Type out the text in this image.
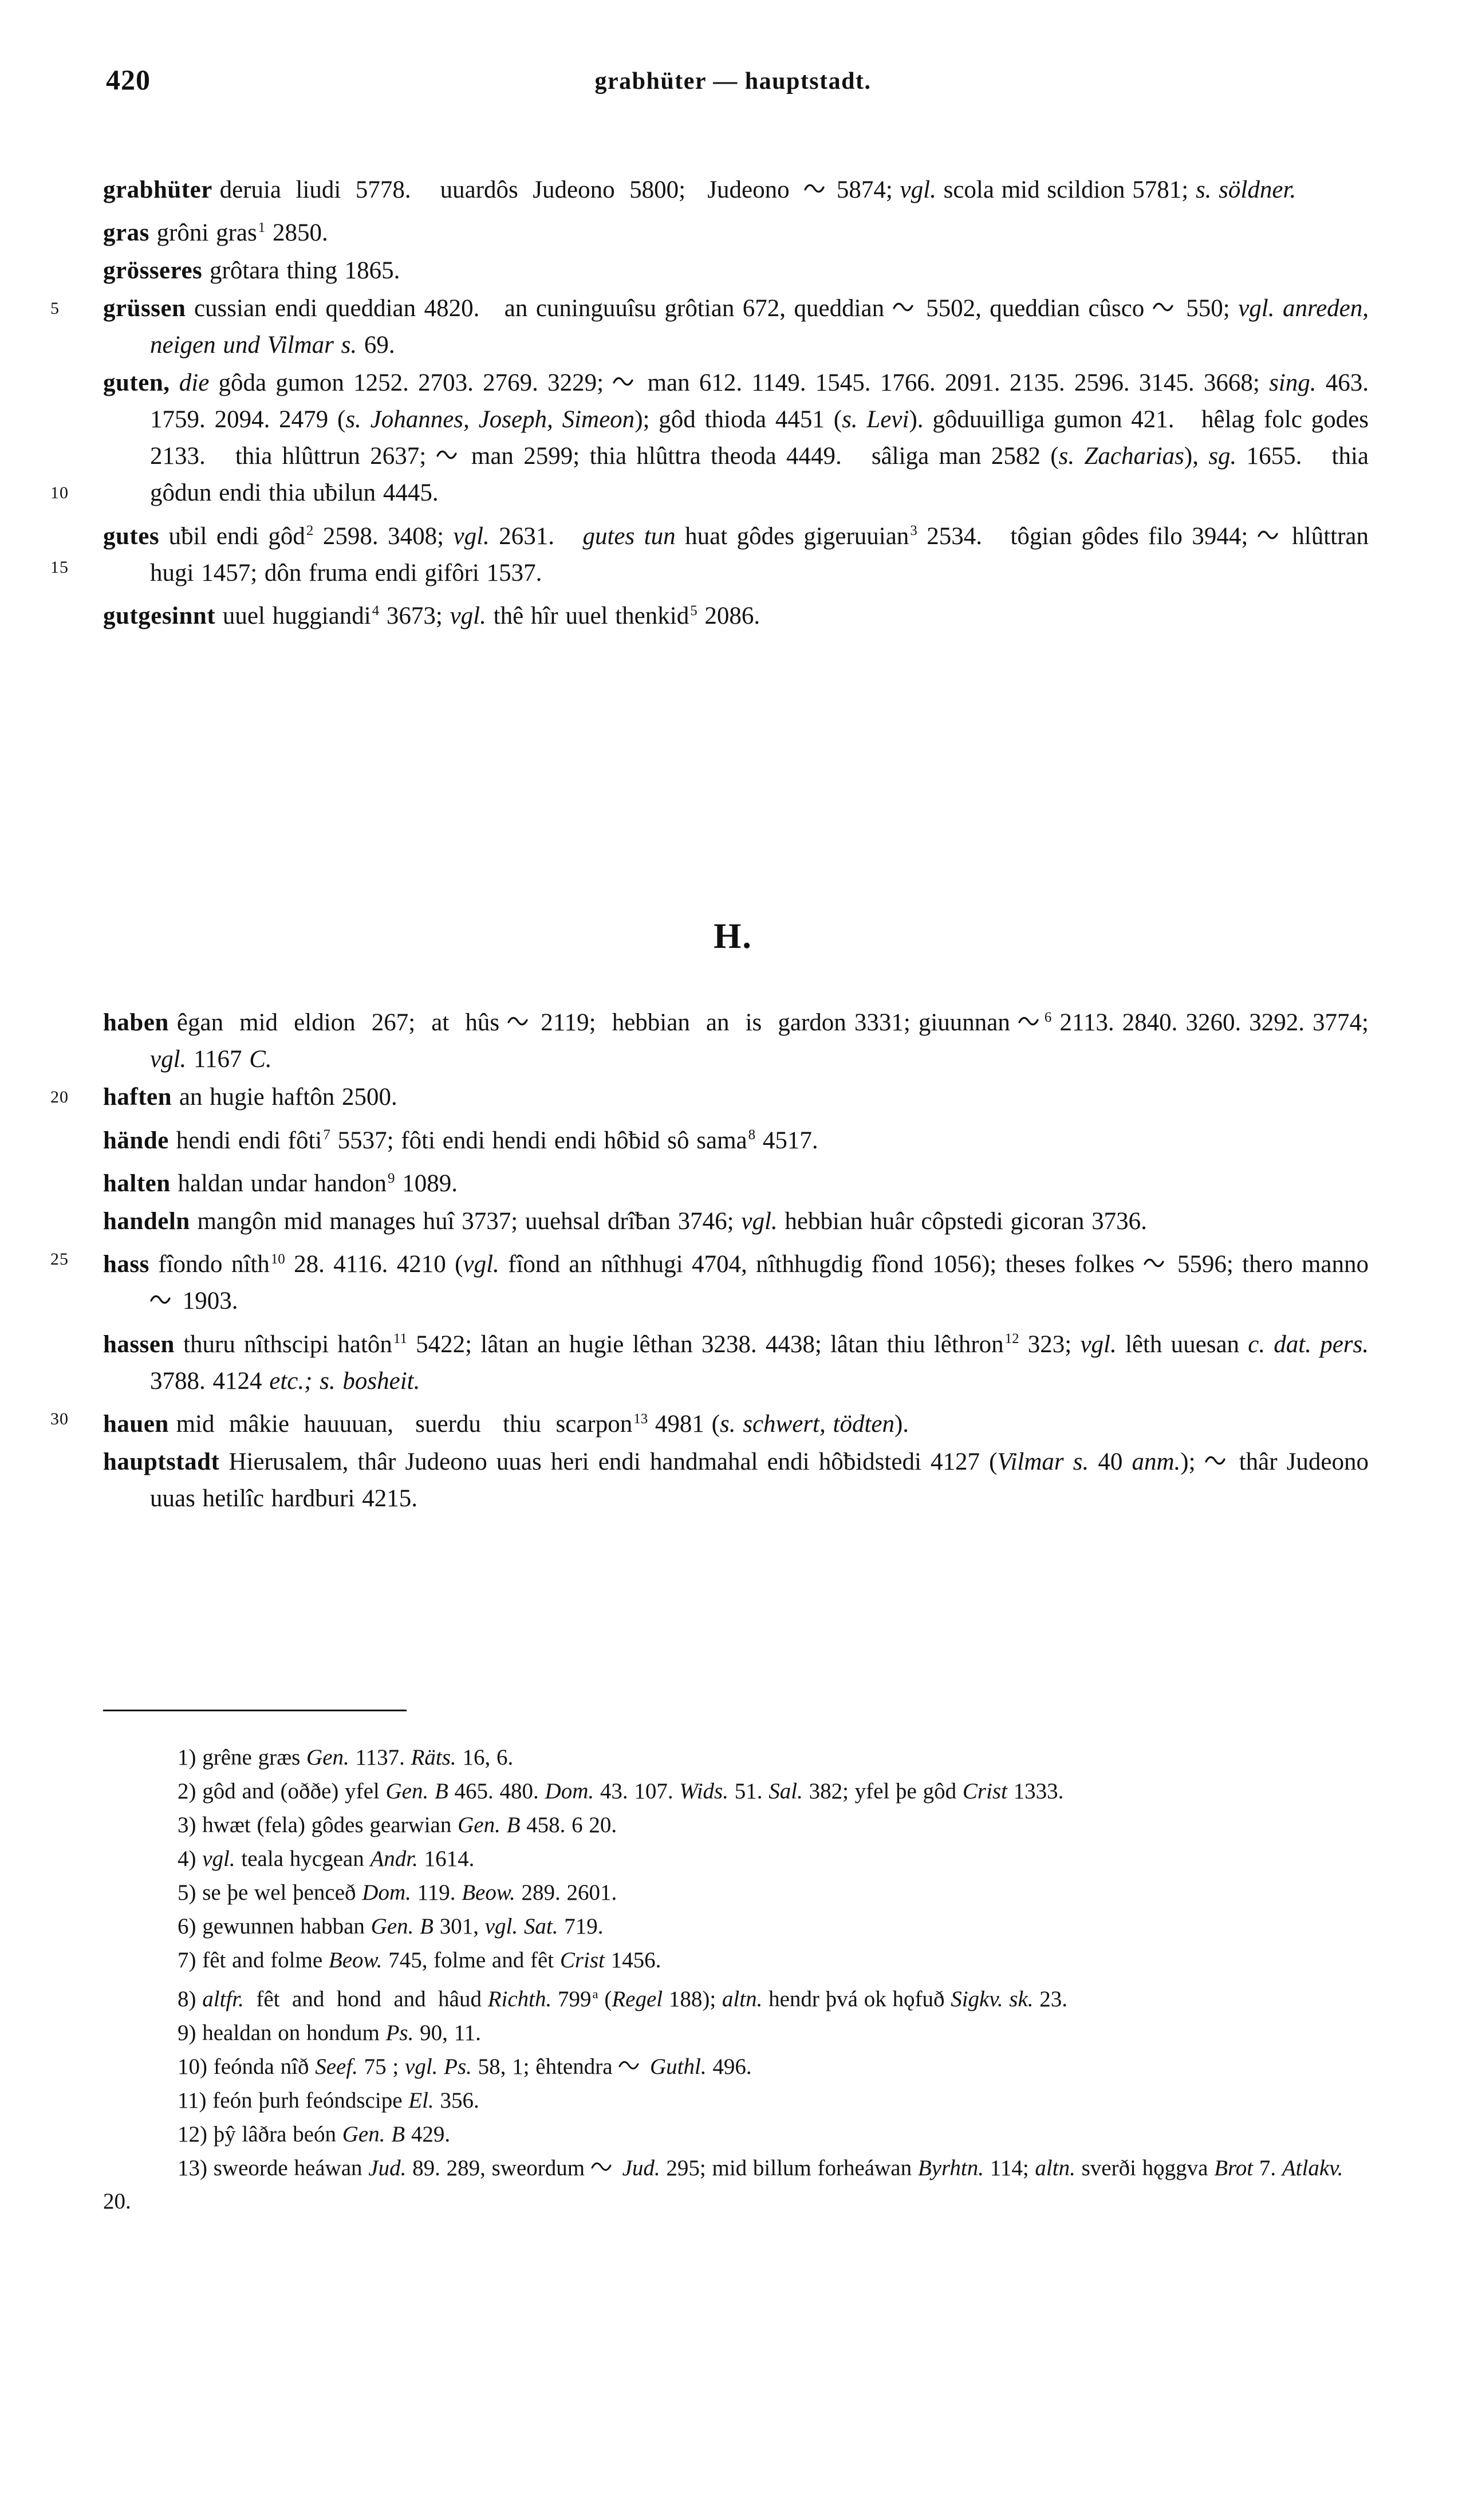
420	grabhüter — hauptstadt.

grabhüter deruia  liudi  5778.    uuardôs  Judeono  5800;   Judeono
5874; vgl. scola mid scildion 5781; s. söldner.

gras grôni gras$^1$ 2850.

grösseres grôtara thing 1865.

5 grüssen cussian endi queddian 4820.   an cuninguuîsu grôtian 672, queddian
5502, queddian cûsco
550; vgl. anreden, neigen und Vilmar s. 69.

10
guten, die gôda gumon 1252. 2703. 2769. 3229;
man 612. 1149. 1545. 1766. 2091. 2135. 2596. 3145. 3668; sing. 463. 1759. 2094. 2479 (s. Johannes, Joseph, Simeon); gôd thioda 4451 (s. Levi). gôduuilliga gumon 421.   hêlag folc godes 2133.   thia hlûttrun 2637;
man 2599; thia hlûttra theoda 4449.   sâliga man 2582 (s. Zacharias), sg. 1655.   thia gôdun endi thia uƀilun 4445.

15
gutes uƀil endi gôd$^2$ 2598. 3408; vgl. 2631.   gutes tun huat gôdes gigeruuian$^3$ 2534.   tôgian gôdes filo 3944;
hlûttran hugi 1457; dôn fruma endi gifôri 1537.

gutgesinnt uuel huggiandi$^4$ 3673; vgl. thê hîr uuel thenkid$^5$ 2086.

H.

haben êgan  mid  eldion  267;  at  hûs
2119;  hebbian  an  is  gardon 3331; giuunnan
$^6$ 2113. 2840. 3260. 3292. 3774; vgl. 1167 C.

20 haften an hugie haftôn 2500.

hände hendi endi fôti$^7$ 5537; fôti endi hendi endi hôƀid sô sama$^8$ 4517.

halten haldan undar handon$^9$ 1089.

handeln mangôn mid manages huî 3737; uuehsal drîƀan 3746; vgl. hebbian huâr côpstedi gicoran 3736.

25 hass fîondo nîth$^{10}$ 28. 4116. 4210 (vgl. fîond an nîthhugi 4704, nîthhugdig fîond 1056); theses folkes
5596; thero manno
1903.

hassen thuru nîthscipi hatôn$^{11}$ 5422; lâtan an hugie lêthan 3238. 4438; lâtan thiu lêthron$^{12}$ 323; vgl. lêth uuesan c. dat. pers. 3788. 4124 etc.; s. bosheit.

30 hauen mid  mâkie  hauuuan,   suerdu   thiu  scarpon$^{13}$ 4981 (s. schwert, tödten).

hauptstadt Hierusalem, thâr Judeono uuas heri endi handmahal endi hôƀidstedi 4127 (Vilmar s. 40 anm.);
thâr Judeono uuas hetilîc hardburi 4215.

1) grêne græs Gen. 1137. Räts. 16, 6.

2) gôd and (oððe) yfel Gen. B 465. 480. Dom. 43. 107. Wids. 51. Sal. 382; yfel þe gôd Crist 1333.

3) hwæt (fela) gôdes gearwian Gen. B 458. 6 20.

4) vgl. teala hycgean Andr. 1614.

5) se þe wel þenceð Dom. 119. Beow. 289. 2601.

6) gewunnen habban Gen. B 301, vgl. Sat. 719.

7) fêt and folme Beow. 745, folme and fêt Crist 1456.

8) altfr.  fêt  and  hond  and  hâud Richth. 799$^a$ (Regel 188); altn. hendr þvá ok hǫfuð Sigkv. sk. 23.

9) healdan on hondum Ps. 90, 11.

10) feónda nîð Seef. 75 ; vgl. Ps. 58, 1; êhtendra
Guthl. 496.

11) feón þurh feóndscipe El. 356.

12) þŷ lâðra beón Gen. B 429.

13) sweorde heáwan Jud. 89. 289, sweordum
Jud. 295; mid billum forheáwan Byrhtn. 114; altn. sverði hǫggva Brot 7. Atlakv. 20.
